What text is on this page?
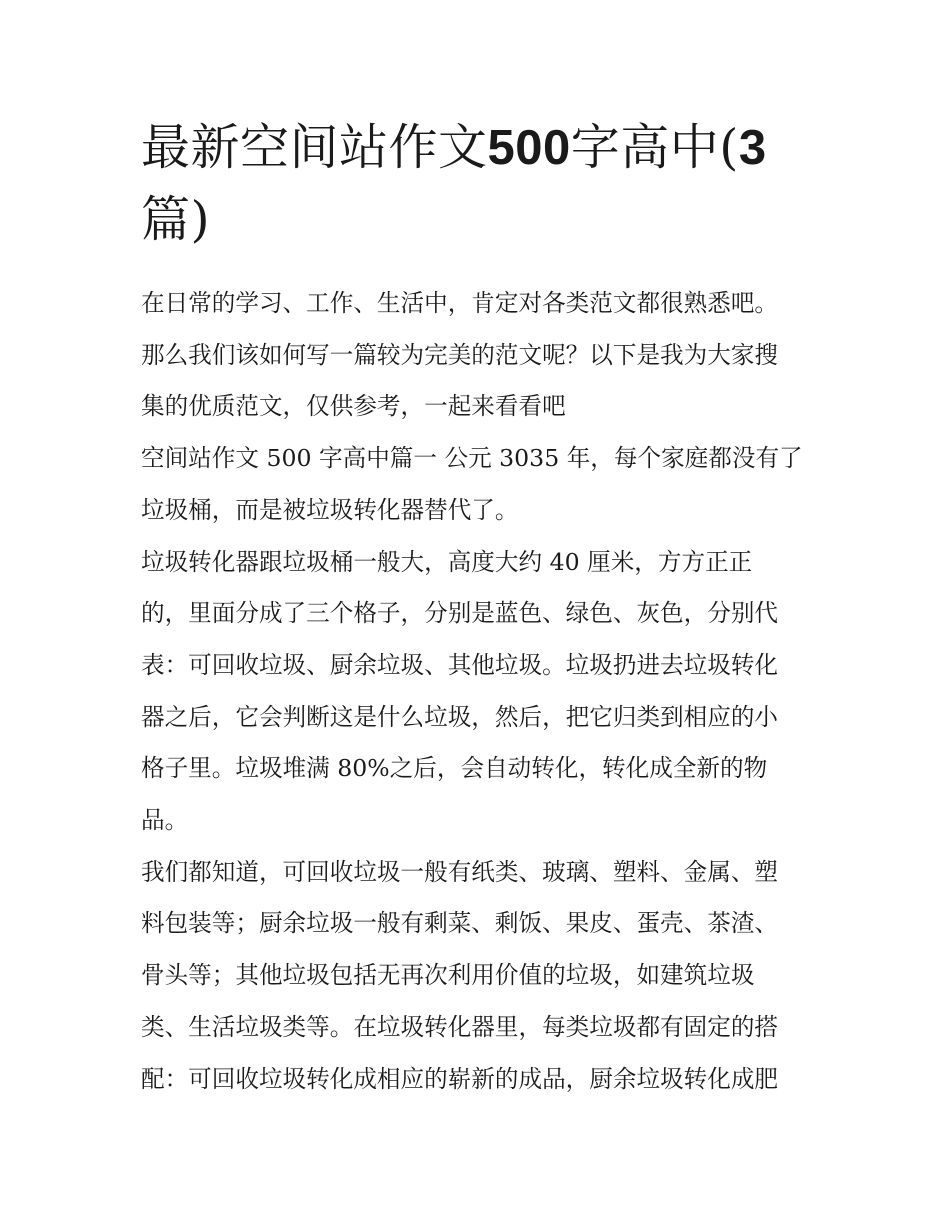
最新空间站作文500字高中(3
篇)

在日常的学习、工作、生活中，肯定对各类范文都很熟悉吧。
那么我们该如何写一篇较为完美的范文呢？以下是我为大家搜
集的优质范文，仅供参考，一起来看看吧

空间站作文 500 字高中篇一 公元 3035 年，每个家庭都没有了
垃圾桶，而是被垃圾转化器替代了。

垃圾转化器跟垃圾桶一般大，高度大约 40 厘米，方方正正
的，里面分成了三个格子，分别是蓝色、绿色、灰色，分别代
表：可回收垃圾、厨余垃圾、其他垃圾。垃圾扔进去垃圾转化
器之后，它会判断这是什么垃圾，然后，把它归类到相应的小
格子里。垃圾堆满 80%之后，会自动转化，转化成全新的物
品。

我们都知道，可回收垃圾一般有纸类、玻璃、塑料、金属、塑
料包装等；厨余垃圾一般有剩菜、剩饭、果皮、蛋壳、茶渣、
骨头等；其他垃圾包括无再次利用价值的垃圾，如建筑垃圾
类、生活垃圾类等。在垃圾转化器里，每类垃圾都有固定的搭
配：可回收垃圾转化成相应的崭新的成品，厨余垃圾转化成肥
